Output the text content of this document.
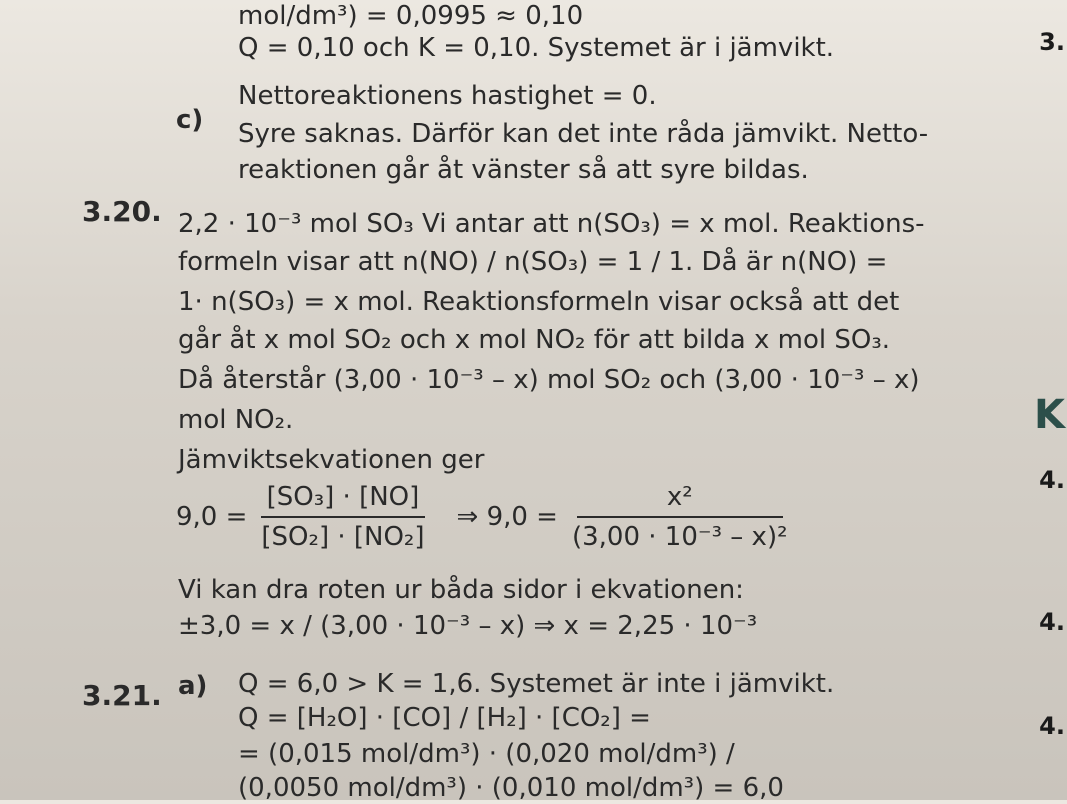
mol/dm³) = 0,0995 ≈ 0,10
Q = 0,10 och K = 0,10. Systemet är i jämvikt.
Nettoreaktionens hastighet = 0.
c) Syre saknas. Därför kan det inte råda jämvikt. Netto-
reaktionen går åt vänster så att syre bildas.
3.20. 2,2 · 10⁻³ mol SO₃ Vi antar att n(SO₃) = x mol. Reaktions-
formeln visar att n(NO) / n(SO₃) = 1 / 1. Då är n(NO) =
1· n(SO₃) = x mol. Reaktionsformeln visar också att det
går åt x mol SO₂ och x mol NO₂ för att bilda x mol SO₃.
Då återstår (3,00 · 10⁻³ – x) mol SO₂ och (3,00 · 10⁻³ – x)
mol NO₂.
Jämviktsekvationen ger
$9,0 = \frac{\text{[SO₃] · [NO]}}{\text{[SO₂] · [NO₂]}}$ ⇒ $9,0 = \frac{\text{x²}}{\text{(3,00 · 10⁻³ – x)²}}$
Vi kan dra roten ur båda sidor i ekvationen:
±3,0 = x / (3,00 · 10⁻³ – x) ⇒ x = 2,25 · 10⁻³
3.21. a) Q = 6,0 > K = 1,6. Systemet är inte i jämvikt.
Q = [H₂O] · [CO] / [H₂] · [CO₂] =
= (0,015 mol/dm³) · (0,020 mol/dm³) /
(0,0050 mol/dm³) · (0,010 mol/dm³) = 6,0
3.
K
4.
4.
4.
